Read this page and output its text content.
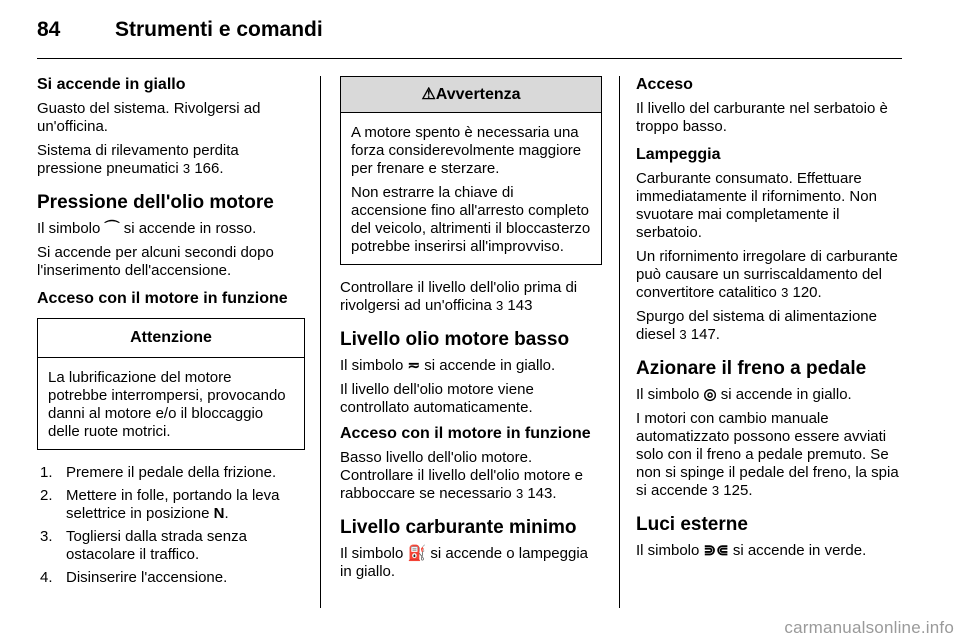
84	Strumenti e comandi

Si accende in giallo

Guasto del sistema. Rivolgersi ad un'officina.

Sistema di rilevamento perdita pressione pneumatici 3 166.

Pressione dell'olio motore

Il simbolo ⌒ si accende in rosso.

Si accende per alcuni secondi dopo l'inserimento dell'accensione.

Acceso con il motore in funzione

Attenzione

La lubrificazione del motore potrebbe interrompersi, provocando danni al motore e/o il bloccaggio delle ruote motrici.

1. Premere il pedale della frizione.
2. Mettere in folle, portando la leva selettrice in posizione N.
3. Togliersi dalla strada senza ostacolare il traffico.
4. Disinserire l'accensione.
⚠Avvertenza

A motore spento è necessaria una forza considerevolmente maggiore per frenare e sterzare.

Non estrarre la chiave di accensione fino all'arresto completo del veicolo, altrimenti il bloccasterzo potrebbe inserirsi all'improvviso.

Controllare il livello dell'olio prima di rivolgersi ad un'officina 3 143

Livello olio motore basso

Il simbolo ≂ si accende in giallo.

Il livello dell'olio motore viene controllato automaticamente.

Acceso con il motore in funzione

Basso livello dell'olio motore. Controllare il livello dell'olio motore e rabboccare se necessario 3 143.

Livello carburante minimo

Il simbolo ⛽ si accende o lampeggia in giallo.

Acceso

Il livello del carburante nel serbatoio è troppo basso.

Lampeggia

Carburante consumato. Effettuare immediatamente il rifornimento. Non svuotare mai completamente il serbatoio.

Un rifornimento irregolare di carburante può causare un surriscaldamento del convertitore catalitico 3 120.

Spurgo del sistema di alimentazione diesel 3 147.

Azionare il freno a pedale

Il simbolo ◎ si accende in giallo.

I motori con cambio manuale automatizzato possono essere avviati solo con il freno a pedale premuto. Se non si spinge il pedale del freno, la spia si accende 3 125.

Luci esterne

Il simbolo ⋑⋐ si accende in verde.

carmanualsonline.info
